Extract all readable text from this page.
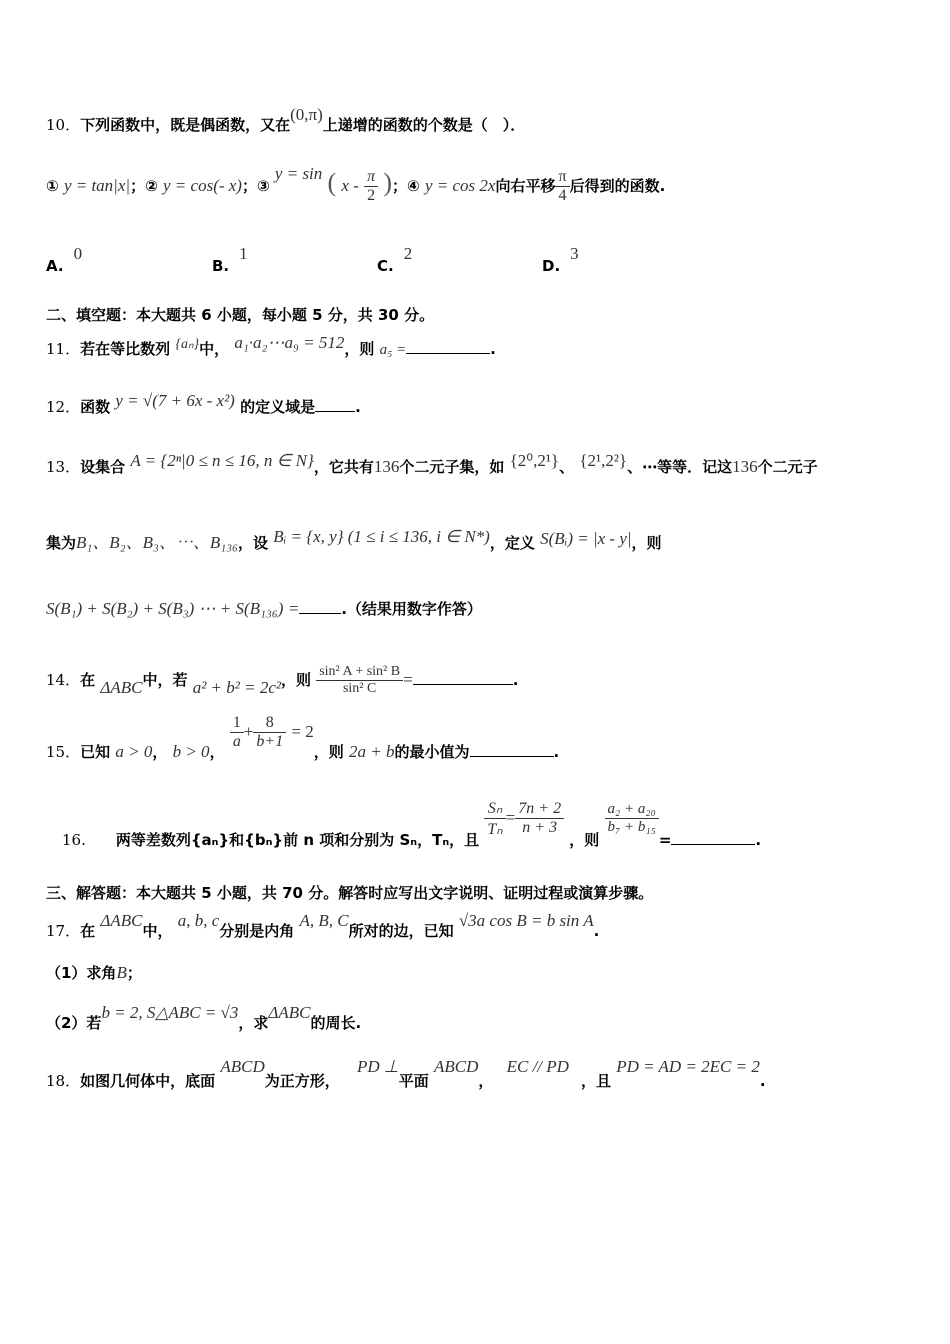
10．下列函数中，既是偶函数，又在(0,π)上递增的函数的个数是（　）．
① y = tan|x|；② y = cos(- x)；③ y = sin ( x - $\frac{\pi}{2}$ )；④ y = cos 2x向右平移 $\frac{\pi}{4}$ 后得到的函数.
A.0
B.1
C.2
D.3
二、填空题：本大题共 6 小题，每小题 5 分，共 30 分。
11．若在等比数列 {aₙ}中， a₁·a₂⋯a₉ = 512，则 a₅ =	.
12．函数 y = √(7 + 6x - x²) 的定义域是	.
13．设集合 A = {2ⁿ|0 ≤ n ≤ 16, n ∈ N}，它共有136个二元子集，如 {2⁰,2¹}、 {2¹,2²}、⋯等等．记这136个二元子
集为B₁、B₂、B₃、⋯、B₁₃₆，设 Bᵢ = {x, y} (1 ≤ i ≤ 136, i ∈ N*)，定义 S(Bᵢ) = |x - y|，则
S(B₁) + S(B₂) + S(B₃) ⋯ + S(B₁₃₆) =	.（结果用数字作答）
14．在 ΔABC中，若 a² + b² = 2c²，则 $\frac{\text{sin² A + sin² B}}{\text{sin² C}}$ =	.
15．已知 a > 0， b > 0，
$\frac{1}{a} + \frac{8}{b+1} = 2$，则 2a + b的最小值为	.
16. 两等差数列{aₙ}和{bₙ}前 n 项和分别为 Sₙ，Tₙ，且
$\frac{\text{Sₙ}}{\text{Tₙ}} = \frac{7n + 2}{n + 3}$
，则
$\frac{\text{a₂ + a₂₀}}{\text{b₇ + b₁₅}}$
=	.
三、解答题：本大题共 5 小题，共 70 分。解答时应写出文字说明、证明过程或演算步骤。
17．在 ΔABC中， a, b, c分别是内角 A, B, C所对的边，已知 √3a cos B = b sin A.
（1）求角B；
（2）若b = 2, S△ABC = √3，求ΔABC的周长.
18．如图几何体中，底面 ABCD为正方形， PD ⊥平面 ABCD， EC // PD，且 PD = AD = 2EC = 2.
